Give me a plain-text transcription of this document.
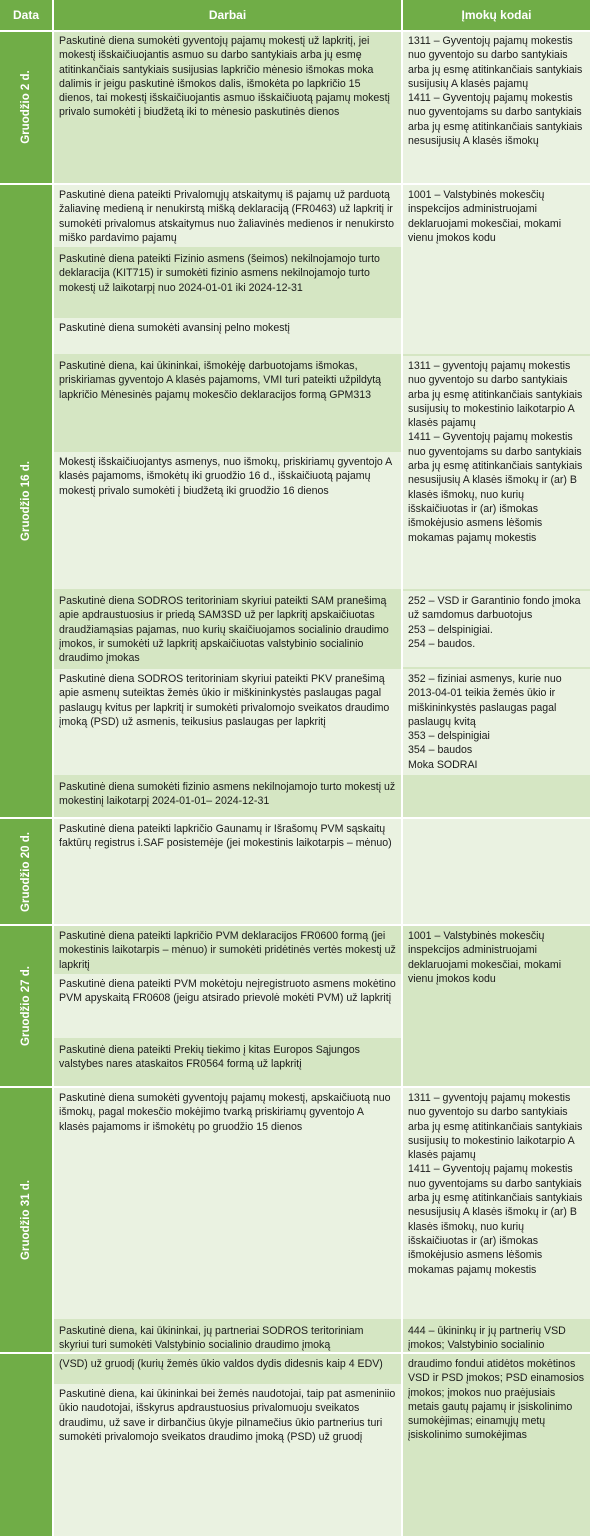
Data	Darbai	Įmokų kodai
Gruodžio 2 d.
Gruodžio 16 d.
Gruodžio 20 d.
Gruodžio 27 d.
Gruodžio 31 d.
Paskutinė diena sumokėti gyventojų pajamų mokestį už lapkritį, jei mokestį išskaičiuojantis asmuo su darbo santykiais arba jų esmę atitinkančiais santykiais susijusias lapkričio mėnesio išmokas moka dalimis ir jeigu paskutinė išmokos dalis, išmokėta po lapkričio 15 dienos, tai mokestį išskaičiuojantis asmuo išskaičiuotą pajamų mokestį privalo sumokėti į biudžetą iki to mėnesio paskutinės dienos
Paskutinė diena pateikti Privalomųjų atskaitymų iš pajamų už parduotą žaliavinę medieną ir nenukirstą mišką deklaraciją (FR0463) už lapkritį ir sumokėti privalomus atskaitymus nuo žaliavinės medienos ir nenukirsto miško pardavimo pajamų
Paskutinė diena pateikti Fizinio asmens (šeimos) nekilnojamojo turto deklaracija (KIT715) ir sumokėti fizinio asmens nekilnojamojo turto mokestį už laikotarpį nuo 2024-01-01 iki 2024-12-31
Paskutinė diena sumokėti avansinį pelno mokestį
Paskutinė diena, kai ūkininkai, išmokėję darbuotojams išmokas, priskiriamas gyventojo A klasės pajamoms, VMI turi pateikti užpildytą lapkričio Mėnesinės pajamų mokesčio deklaracijos formą GPM313
Mokestį išskaičiuojantys asmenys, nuo išmokų, priskiriamų gyventojo A klasės pajamoms, išmokėtų iki gruodžio 16 d., išskaičiuotą pajamų mokestį privalo sumokėti į biudžetą iki gruodžio 16 dienos
Paskutinė diena SODROS teritoriniam skyriui pateikti SAM pranešimą apie apdraustuosius ir priedą SAM3SD už per lapkritį apskaičiuotas draudžiamąsias pajamas, nuo kurių skaičiuojamos socialinio draudimo įmokos, ir sumokėti už lapkritį apskaičiuotas valstybinio socialinio draudimo įmokas
Paskutinė diena SODROS teritoriniam skyriui pateikti PKV pranešimą apie asmenų suteiktas žemės ūkio ir miškininkystės paslaugas pagal paslaugų kvitus per lapkritį ir sumokėti privalomojo sveikatos draudimo įmoką (PSD) už asmenis, teikusius paslaugas per lapkritį
Paskutinė diena sumokėti fizinio asmens nekilnojamojo turto mokestį už mokestinį laikotarpį 2024-01-01– 2024-12-31
Paskutinė diena pateikti lapkričio Gaunamų ir Išrašomų PVM sąskaitų faktūrų registrus i.SAF posistemėje (jei mokestinis laikotarpis – mėnuo)
Paskutinė diena pateikti lapkričio PVM deklaracijos FR0600 formą (jei mokestinis laikotarpis – mėnuo) ir sumokėti pridėtinės vertės mokestį už lapkritį
Paskutinė diena pateikti PVM mokėtoju neįregistruoto asmens mokėtino PVM apyskaitą FR0608 (jeigu atsirado prievolė mokėti PVM) už lapkritį
Paskutinė diena pateikti Prekių tiekimo į kitas Europos Sąjungos valstybes nares ataskaitos FR0564 formą už lapkritį
Paskutinė diena sumokėti gyventojų pajamų mokestį, apskaičiuotą nuo išmokų, pagal mokesčio mokėjimo tvarką priskiriamų gyventojo A klasės pajamoms ir išmokėtų po gruodžio 15 dienos
Paskutinė diena, kai ūkininkai, jų partneriai SODROS teritoriniam skyriui turi sumokėti Valstybinio socialinio draudimo įmoką
(VSD) už gruodį (kurių žemės ūkio valdos dydis didesnis kaip 4 EDV)
Paskutinė diena, kai ūkininkai bei žemės naudotojai, taip pat asmeniniio ūkio naudotojai, išskyrus apdraustuosius privalomuoju sveikatos draudimu, už save ir dirbančius ūkyje pilnamečius ūkio partnerius turi sumokėti privalomojo sveikatos draudimo įmoką (PSD) už gruodį
1311 – Gyventojų pajamų mokestis nuo gyventojo su darbo santykiais arba jų esmę atitinkančiais santykiais susijusių A klasės pajamų
1411 – Gyventojų pajamų mokestis nuo gyventojams su darbo santykiais arba jų esmę atitinkančiais santykiais nesusijusių A klasės išmokų
1001 – Valstybinės mokesčių inspekcijos administruojami deklaruojami mokesčiai, mokami vienu įmokos kodu
1311 – gyventojų pajamų mokestis nuo gyventojo su darbo santykiais arba jų esmę atitinkančiais santykiais susijusių to mokestinio laikotarpio A klasės pajamų
1411 – Gyventojų pajamų mokestis nuo gyventojams su darbo santykiais arba jų esmę atitinkančiais santykiais nesusijusių A klasės išmokų ir (ar) B klasės išmokų, nuo kurių išskaičiuotas ir (ar) išmokas išmokėjusio asmens lėšomis mokamas pajamų mokestis
252 – VSD ir Garantinio fondo įmoka už samdomus darbuotojus
253 – delspinigiai.
254 – baudos.
352 – fiziniai asmenys, kurie nuo 2013-04-01 teikia žemės ūkio ir miškininkystės paslaugas pagal paslaugų kvitą
353 – delspinigiai
354 – baudos
Moka SODRAI
1001 – Valstybinės mokesčių inspekcijos administruojami deklaruojami mokesčiai, mokami vienu įmokos kodu
1311 – gyventojų pajamų mokestis nuo gyventojo su darbo santykiais arba jų esmę atitinkančiais santykiais susijusių to mokestinio laikotarpio A klasės pajamų
1411 – Gyventojų pajamų mokestis nuo gyventojams su darbo santykiais arba jų esmę atitinkančiais santykiais nesusijusių A klasės išmokų ir (ar) B klasės išmokų, nuo kurių išskaičiuotas ir (ar) išmokas išmokėjusio asmens lėšomis mokamas pajamų mokestis
444 – ūkininkų ir jų partnerių VSD įmokos; Valstybinio socialinio
draudimo fondui atidėtos mokėtinos VSD ir PSD įmokos; PSD einamosios įmokos; įmokos nuo praėjusiais metais gautų pajamų ir įsiskolinimo sumokėjimas; einamųjų metų įsiskolinimo sumokėjimas
